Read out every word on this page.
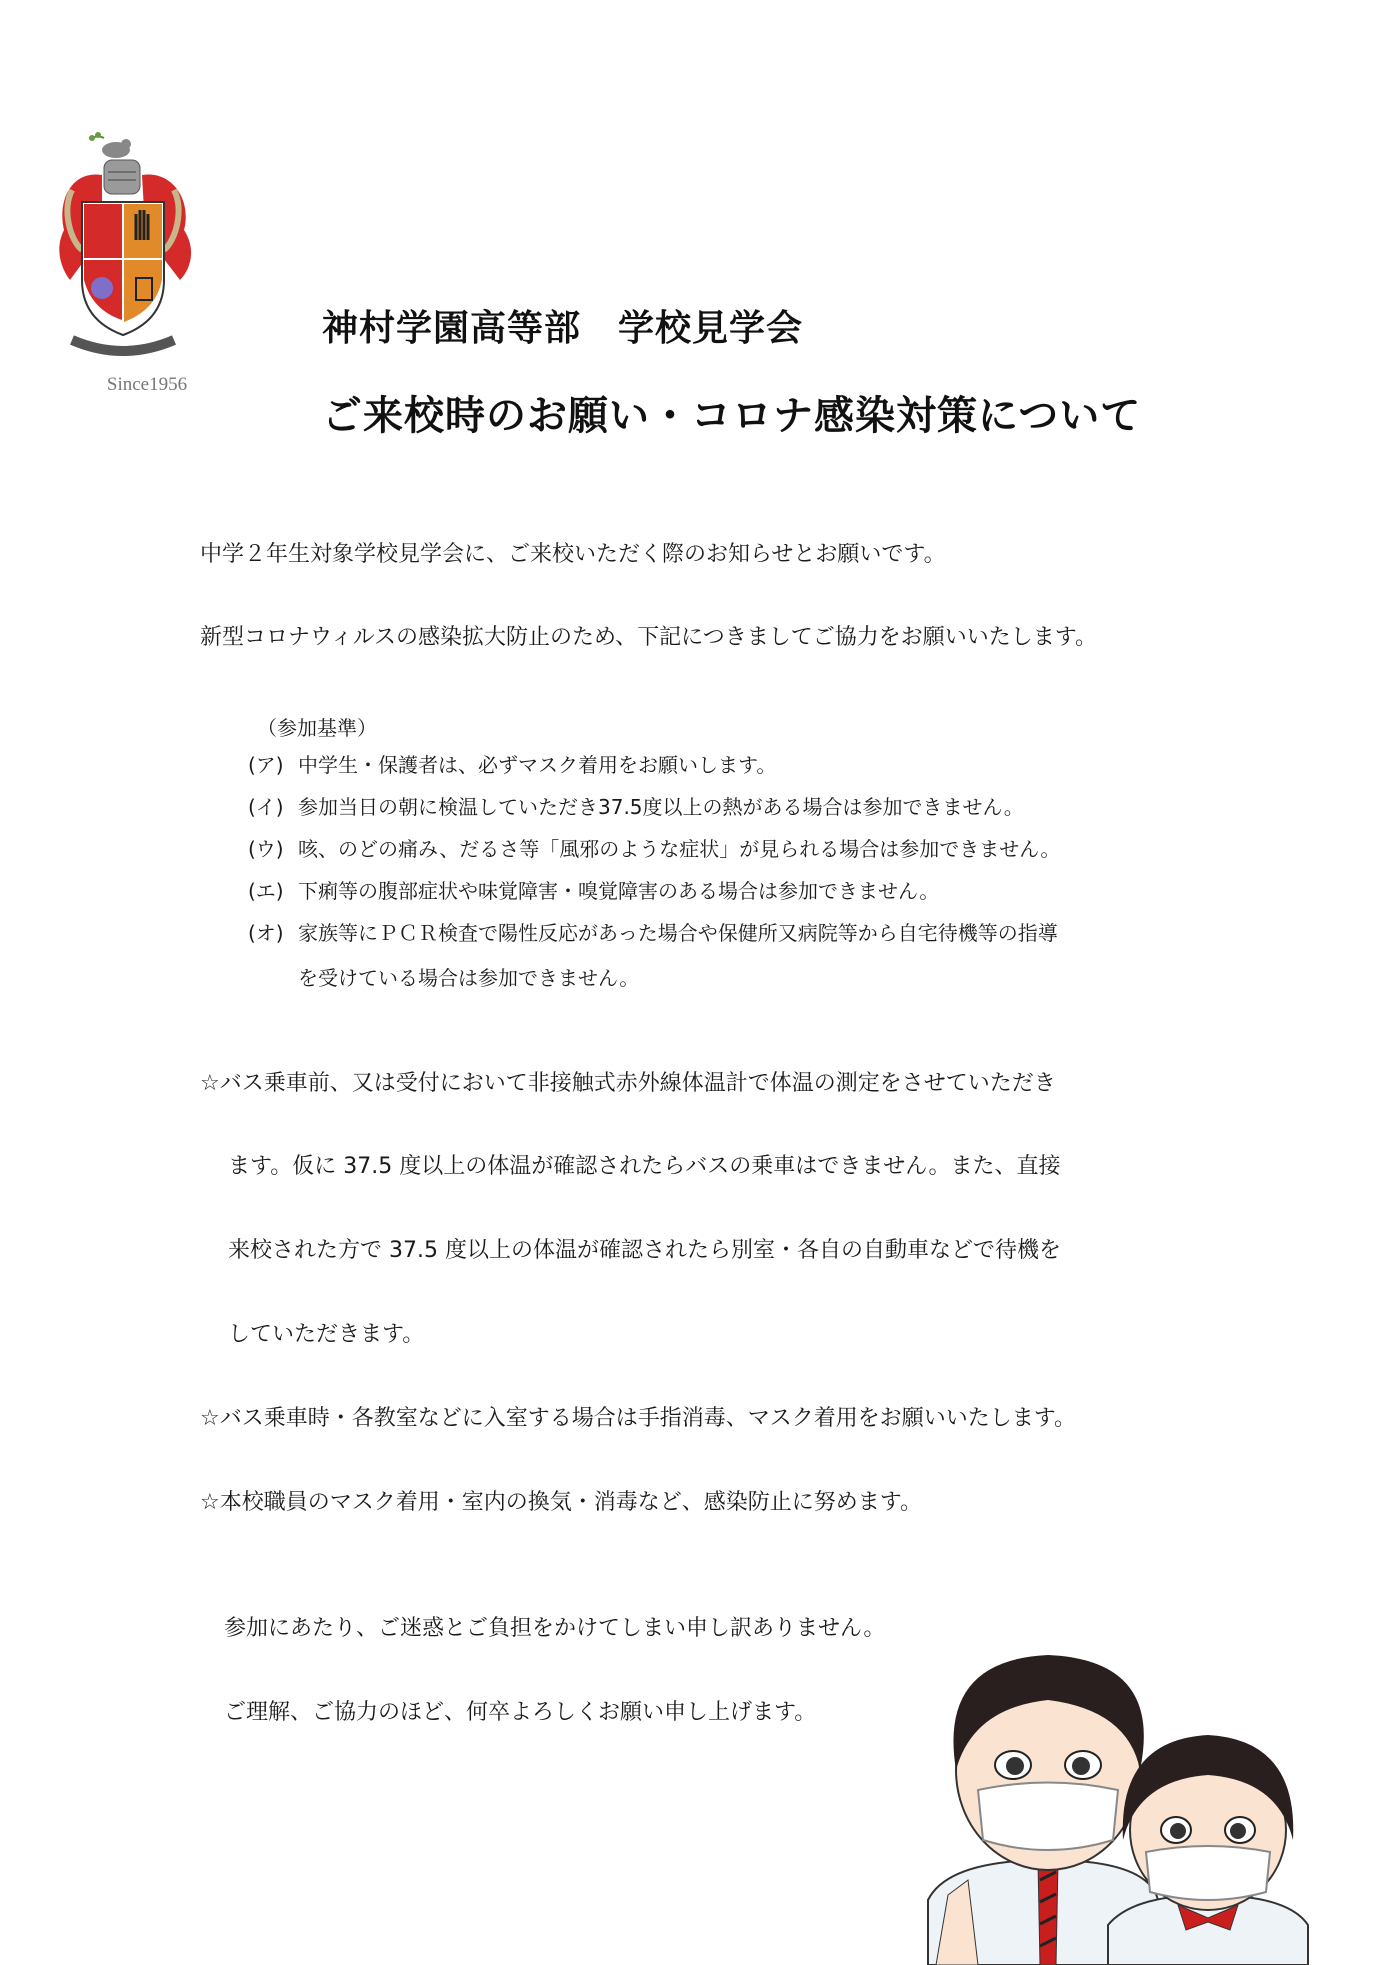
Since1956
神村学園高等部　学校見学会
ご来校時のお願い・コロナ感染対策について
中学２年生対象学校見学会に、ご来校いただく際のお知らせとお願いです。
新型コロナウィルスの感染拡大防止のため、下記につきましてご協力をお願いいたします。
（参加基準）
(ア) 中学生・保護者は、必ずマスク着用をお願いします。
(イ) 参加当日の朝に検温していただき37.5度以上の熱がある場合は参加できません。
(ウ) 咳、のどの痛み、だるさ等「風邪のような症状」が見られる場合は参加できません。
(エ) 下痢等の腹部症状や味覚障害・嗅覚障害のある場合は参加できません。
(オ) 家族等にＰＣＲ検査で陽性反応があった場合や保健所又病院等から自宅待機等の指導
を受けている場合は参加できません。
☆バス乗車前、又は受付において非接触式赤外線体温計で体温の測定をさせていただき
ます。仮に 37.5 度以上の体温が確認されたらバスの乗車はできません。また、直接
来校された方で 37.5 度以上の体温が確認されたら別室・各自の自動車などで待機を
していただきます。
☆バス乗車時・各教室などに入室する場合は手指消毒、マスク着用をお願いいたします。
☆本校職員のマスク着用・室内の換気・消毒など、感染防止に努めます。
参加にあたり、ご迷惑とご負担をかけてしまい申し訳ありません。
ご理解、ご協力のほど、何卒よろしくお願い申し上げます。
